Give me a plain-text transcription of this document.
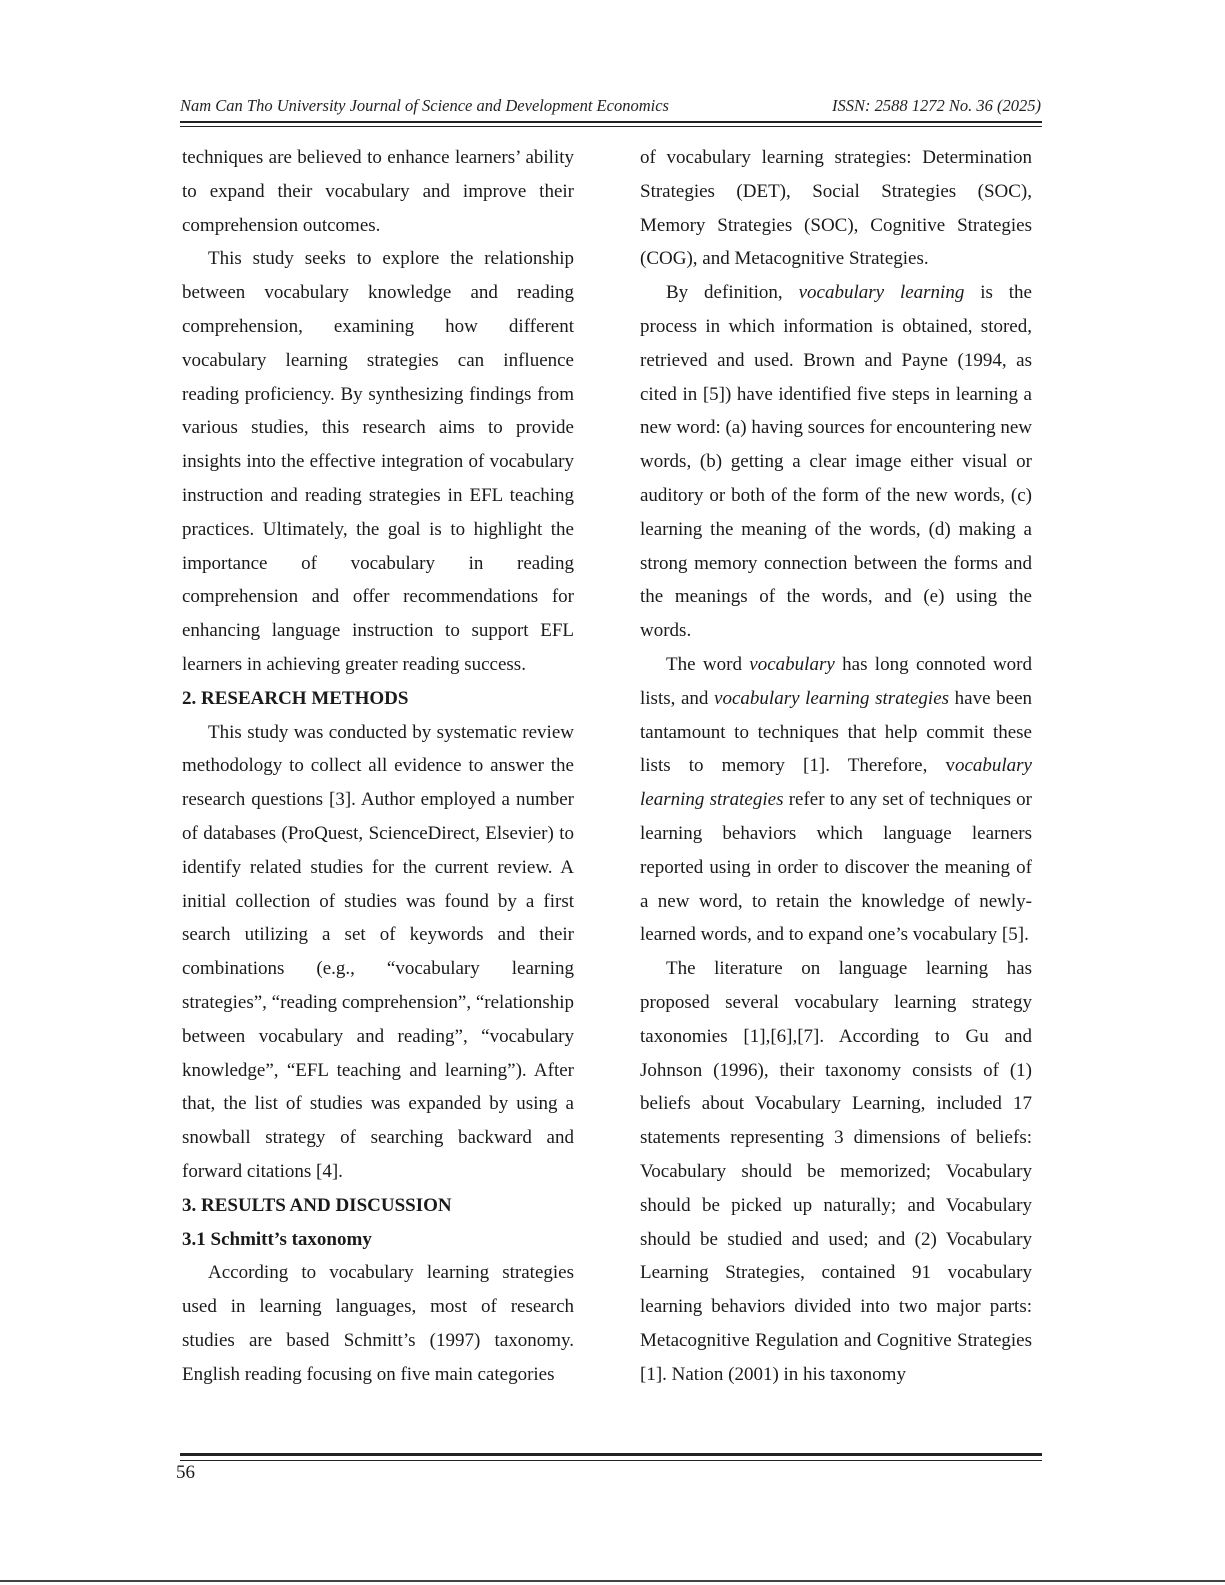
Nam Can Tho University Journal of Science and Development Economics	ISSN: 2588 1272 No. 36 (2025)

techniques are believed to enhance learners’ ability to expand their vocabulary and improve their comprehension outcomes.

This study seeks to explore the relationship between vocabulary knowledge and reading comprehension, examining how different vocabulary learning strategies can influence reading proficiency. By synthesizing findings from various studies, this research aims to provide insights into the effective integration of vocabulary instruction and reading strategies in EFL teaching practices. Ultimately, the goal is to highlight the importance of vocabulary in reading comprehension and offer recommendations for enhancing language instruction to support EFL learners in achieving greater reading success.

2. RESEARCH METHODS

This study was conducted by systematic review methodology to collect all evidence to answer the research questions [3]. Author employed a number of databases (ProQuest, ScienceDirect, Elsevier) to identify related studies for the current review. A initial collection of studies was found by a first search utilizing a set of keywords and their combinations (e.g., “vocabulary learning strategies”, “reading comprehension”, “relationship between vocabulary and reading”, “vocabulary knowledge”, “EFL teaching and learning”). After that, the list of studies was expanded by using a snowball strategy of searching backward and forward citations [4].

3. RESULTS AND DISCUSSION
3.1 Schmitt’s taxonomy

According to vocabulary learning strategies used in learning languages, most of research studies are based Schmitt’s (1997) taxonomy. English reading focusing on five main categories

of vocabulary learning strategies: Determination Strategies (DET), Social Strategies (SOC), Memory Strategies (SOC), Cognitive Strategies (COG), and Metacognitive Strategies.

By definition, vocabulary learning is the process in which information is obtained, stored, retrieved and used. Brown and Payne (1994, as cited in [5]) have identified five steps in learning a new word: (a) having sources for encountering new words, (b) getting a clear image either visual or auditory or both of the form of the new words, (c) learning the meaning of the words, (d) making a strong memory connection between the forms and the meanings of the words, and (e) using the words.

The word vocabulary has long connoted word lists, and vocabulary learning strategies have been tantamount to techniques that help commit these lists to memory [1]. Therefore, vocabulary learning strategies refer to any set of techniques or learning behaviors which language learners reported using in order to discover the meaning of a new word, to retain the knowledge of newly-learned words, and to expand one’s vocabulary [5].

The literature on language learning has proposed several vocabulary learning strategy taxonomies [1],[6],[7]. According to Gu and Johnson (1996), their taxonomy consists of (1) beliefs about Vocabulary Learning, included 17 statements representing 3 dimensions of beliefs: Vocabulary should be memorized; Vocabulary should be picked up naturally; and Vocabulary should be studied and used; and (2) Vocabulary Learning Strategies, contained 91 vocabulary learning behaviors divided into two major parts: Metacognitive Regulation and Cognitive Strategies [1]. Nation (2001) in his taxonomy

56
